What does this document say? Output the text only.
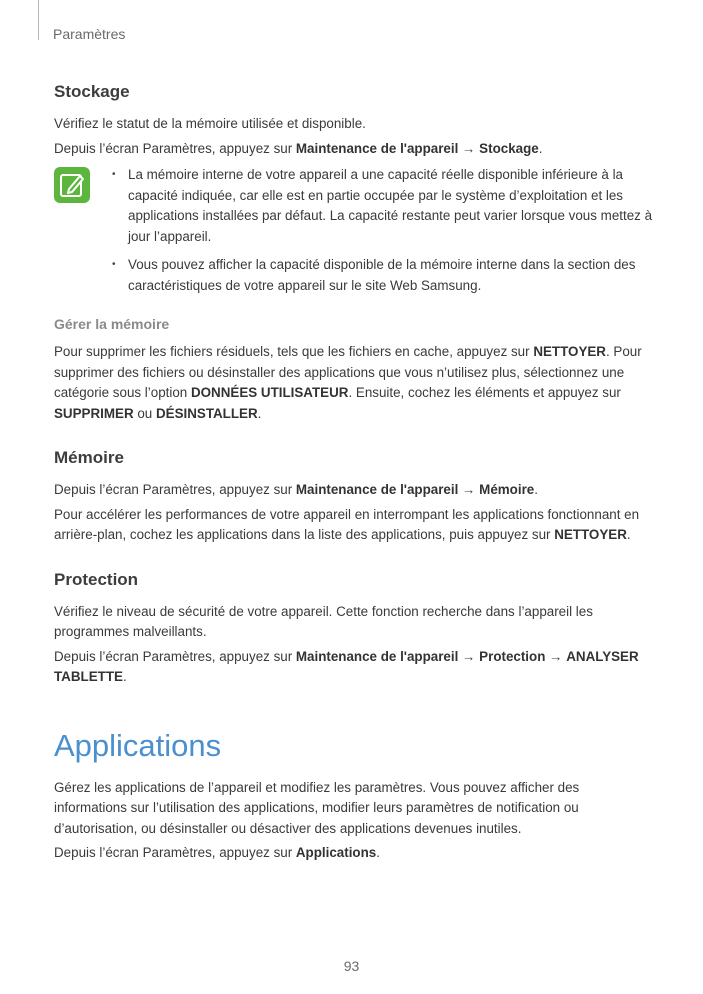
Paramètres
Stockage

Vérifiez le statut de la mémoire utilisée et disponible.

Depuis l’écran Paramètres, appuyez sur Maintenance de l'appareil → Stockage.

• La mémoire interne de votre appareil a une capacité réelle disponible inférieure à la capacité indiquée, car elle est en partie occupée par le système d’exploitation et les applications installées par défaut. La capacité restante peut varier lorsque vous mettez à jour l’appareil.
• Vous pouvez afficher la capacité disponible de la mémoire interne dans la section des caractéristiques de votre appareil sur le site Web Samsung.
Gérer la mémoire

Pour supprimer les fichiers résiduels, tels que les fichiers en cache, appuyez sur NETTOYER. Pour supprimer des fichiers ou désinstaller des applications que vous n’utilisez plus, sélectionnez une catégorie sous l’option DONNÉES UTILISATEUR. Ensuite, cochez les éléments et appuyez sur SUPPRIMER ou DÉSINSTALLER.

Mémoire

Depuis l’écran Paramètres, appuyez sur Maintenance de l'appareil → Mémoire.

Pour accélérer les performances de votre appareil en interrompant les applications fonctionnant en arrière-plan, cochez les applications dans la liste des applications, puis appuyez sur NETTOYER.

Protection

Vérifiez le niveau de sécurité de votre appareil. Cette fonction recherche dans l’appareil les programmes malveillants.

Depuis l’écran Paramètres, appuyez sur Maintenance de l'appareil → Protection → ANALYSER TABLETTE.

Applications

Gérez les applications de l’appareil et modifiez les paramètres. Vous pouvez afficher des informations sur l’utilisation des applications, modifier leurs paramètres de notification ou d’autorisation, ou désinstaller ou désactiver des applications devenues inutiles.

Depuis l’écran Paramètres, appuyez sur Applications.

93
